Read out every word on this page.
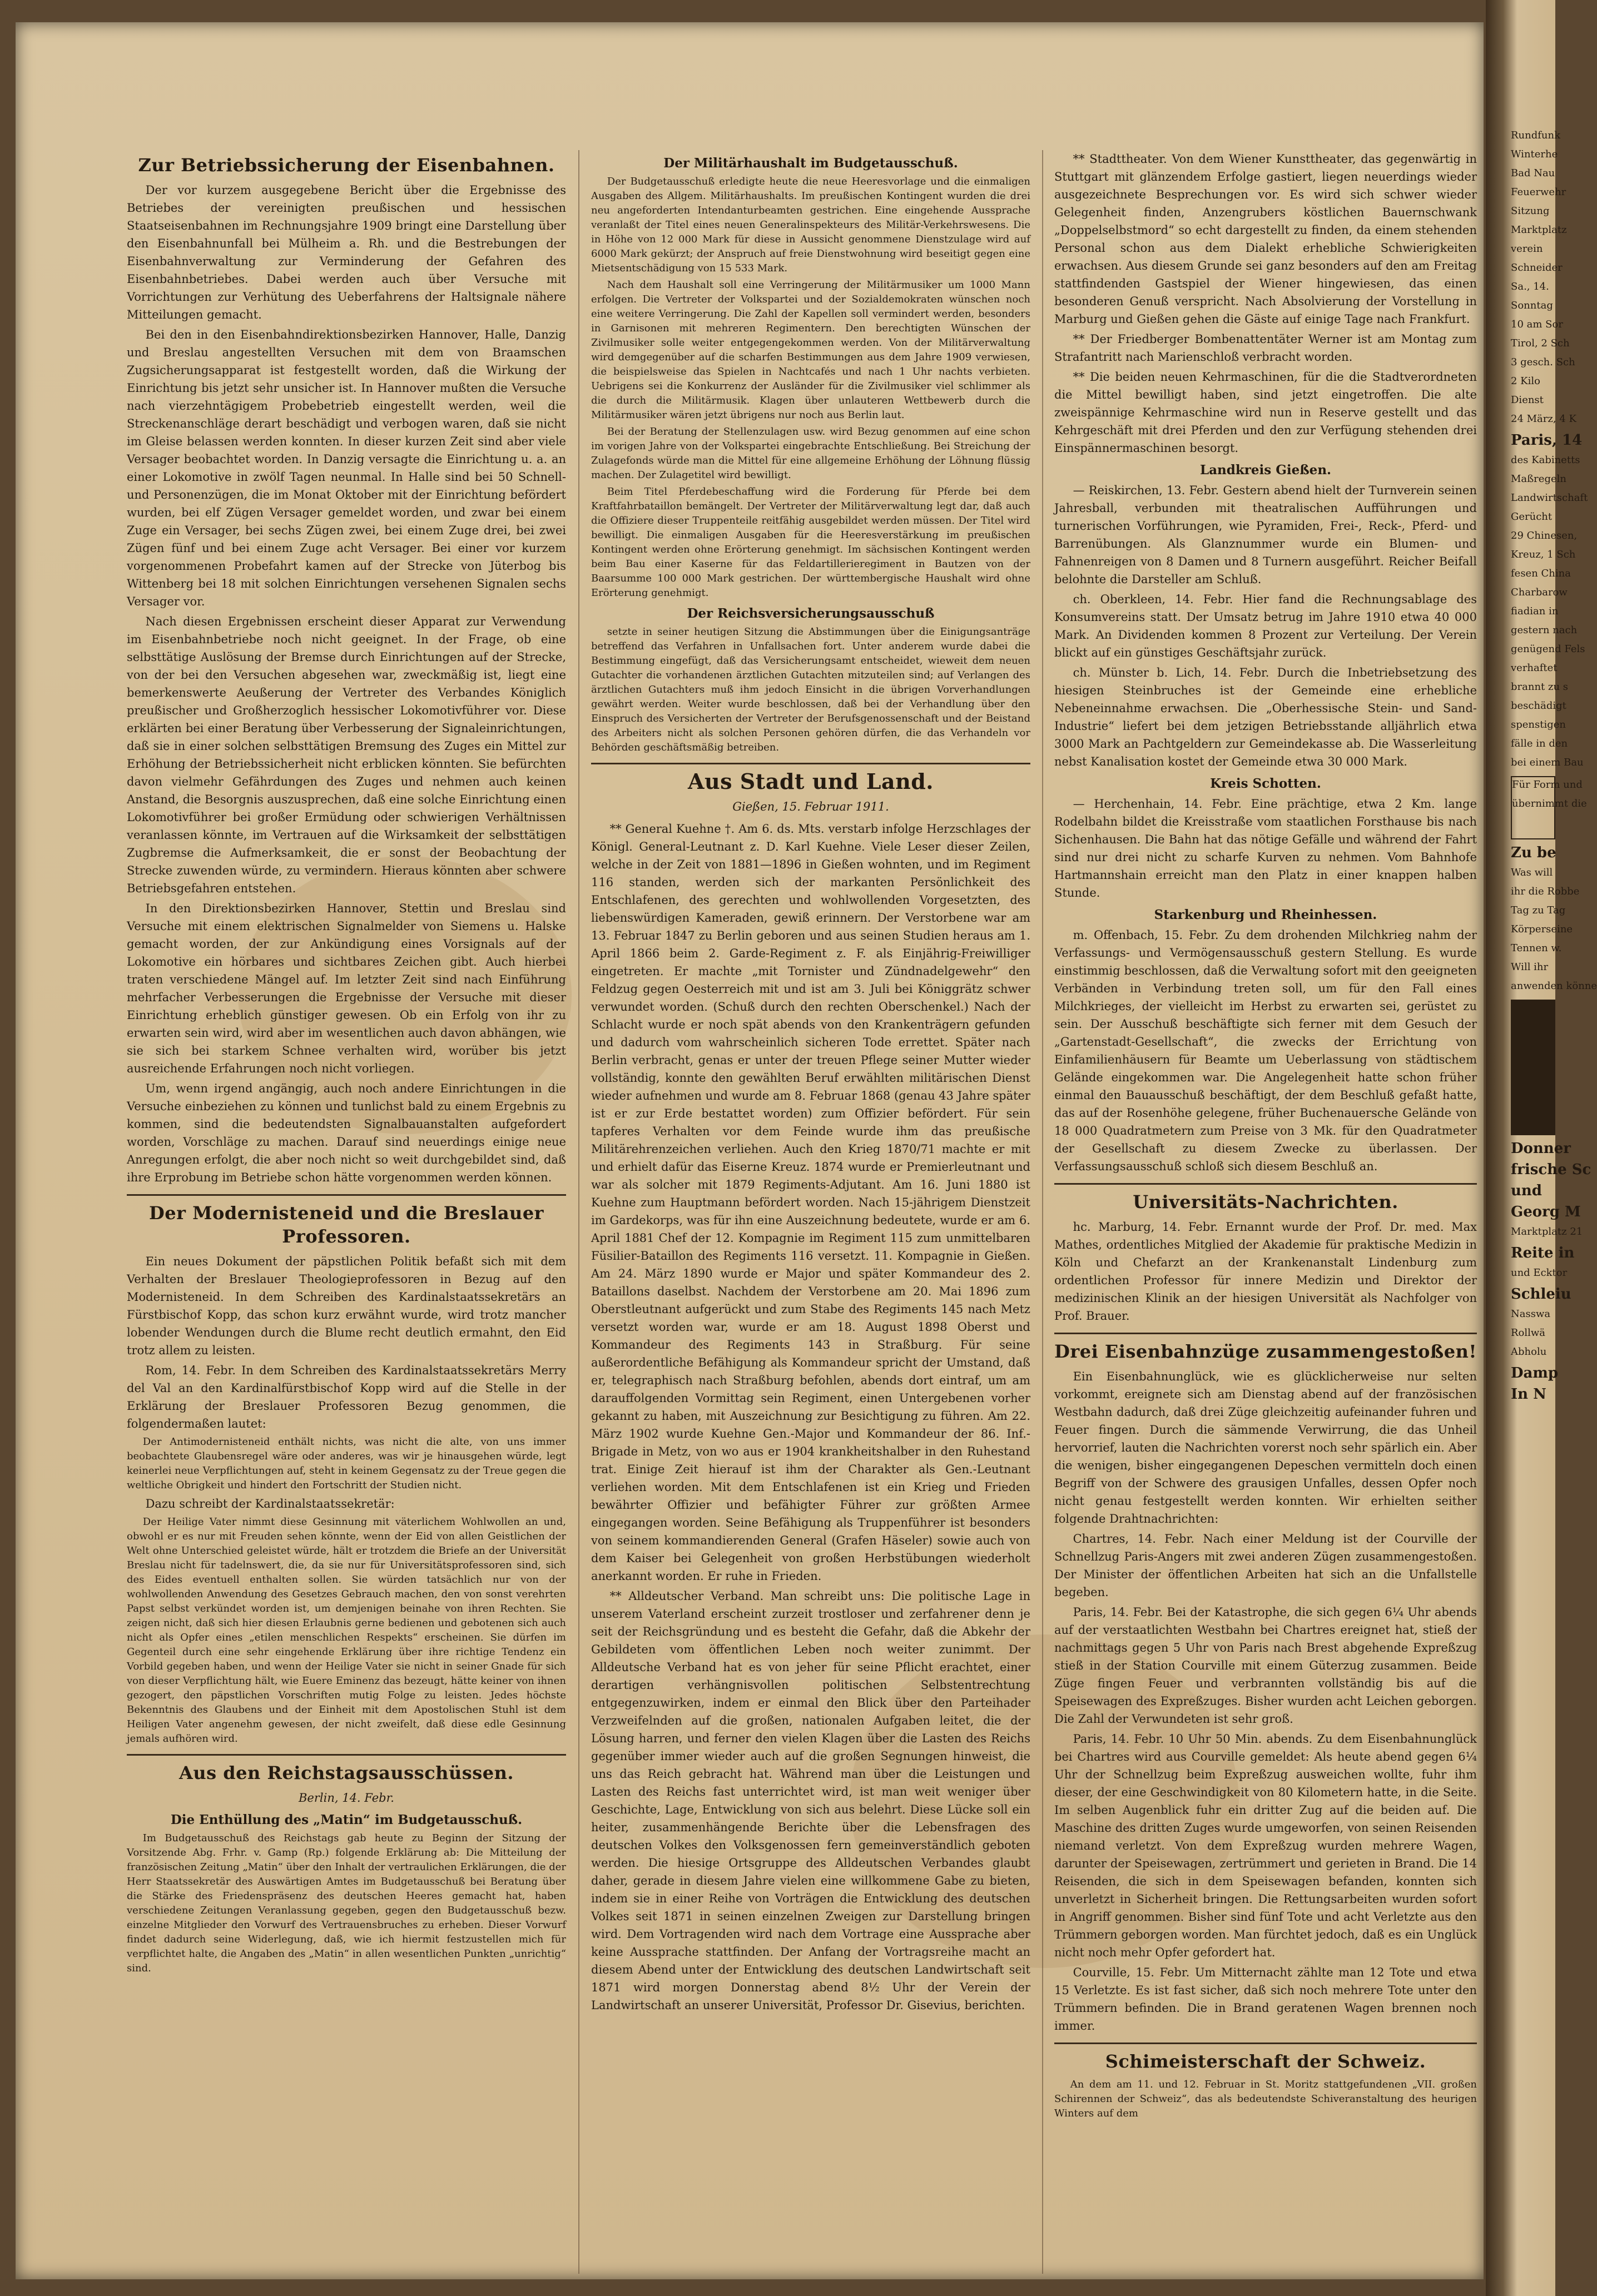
Zur Betriebssicherung der Eisenbahnen.

Der vor kurzem ausgegebene Bericht über die Ergebnisse des Betriebes der vereinigten preußischen und hessischen Staatseisenbahnen im Rechnungsjahre 1909 bringt eine Darstellung über den Eisenbahnunfall bei Mülheim a. Rh. und die Bestrebungen der Eisenbahnverwaltung zur Verminderung der Gefahren des Eisenbahnbetriebes. Dabei werden auch über Versuche mit Vorrichtungen zur Verhütung des Ueberfahrens der Haltsignale nähere Mitteilungen gemacht.

Bei den in den Eisenbahndirektionsbezirken Hannover, Halle, Danzig und Breslau angestellten Versuchen mit dem von Braamschen Zugsicherungsapparat ist festgestellt worden, daß die Wirkung der Einrichtung bis jetzt sehr unsicher ist. In Hannover mußten die Versuche nach vierzehntägigem Probebetrieb eingestellt werden, weil die Streckenanschläge derart beschädigt und verbogen waren, daß sie nicht im Gleise belassen werden konnten. In dieser kurzen Zeit sind aber viele Versager beobachtet worden. In Danzig versagte die Einrichtung u. a. an einer Lokomotive in zwölf Tagen neunmal. In Halle sind bei 50 Schnell- und Personenzügen, die im Monat Oktober mit der Einrichtung befördert wurden, bei elf Zügen Versager gemeldet worden, und zwar bei einem Zuge ein Versager, bei sechs Zügen zwei, bei einem Zuge drei, bei zwei Zügen fünf und bei einem Zuge acht Versager. Bei einer vor kurzem vorgenommenen Probefahrt kamen auf der Strecke von Jüterbog bis Wittenberg bei 18 mit solchen Einrichtungen versehenen Signalen sechs Versager vor.

Nach diesen Ergebnissen erscheint dieser Apparat zur Verwendung im Eisenbahnbetriebe noch nicht geeignet. In der Frage, ob eine selbsttätige Auslösung der Bremse durch Einrichtungen auf der Strecke, von der bei den Versuchen abgesehen war, zweckmäßig ist, liegt eine bemerkenswerte Aeußerung der Vertreter des Verbandes Königlich preußischer und Großherzoglich hessischer Lokomotivführer vor. Diese erklärten bei einer Beratung über Verbesserung der Signaleinrichtungen, daß sie in einer solchen selbsttätigen Bremsung des Zuges ein Mittel zur Erhöhung der Betriebssicherheit nicht erblicken könnten. Sie befürchten davon vielmehr Gefährdungen des Zuges und nehmen auch keinen Anstand, die Besorgnis auszusprechen, daß eine solche Einrichtung einen Lokomotivführer bei großer Ermüdung oder schwierigen Verhältnissen veranlassen könnte, im Vertrauen auf die Wirksamkeit der selbsttätigen Zugbremse die Aufmerksamkeit, die er sonst der Beobachtung der Strecke zuwenden würde, zu vermindern. Hieraus könnten aber schwere Betriebsgefahren entstehen.

In den Direktionsbezirken Hannover, Stettin und Breslau sind Versuche mit einem elektrischen Signalmelder von Siemens u. Halske gemacht worden, der zur Ankündigung eines Vorsignals auf der Lokomotive ein hörbares und sichtbares Zeichen gibt. Auch hierbei traten verschiedene Mängel auf. Im letzter Zeit sind nach Einführung mehrfacher Verbesserungen die Ergebnisse der Versuche mit dieser Einrichtung erheblich günstiger gewesen. Ob ein Erfolg von ihr zu erwarten sein wird, wird aber im wesentlichen auch davon abhängen, wie sie sich bei starkem Schnee verhalten wird, worüber bis jetzt ausreichende Erfahrungen noch nicht vorliegen.

Um, wenn irgend angängig, auch noch andere Einrichtungen in die Versuche einbeziehen zu können und tunlichst bald zu einem Ergebnis zu kommen, sind die bedeutendsten Signalbauanstalten aufgefordert worden, Vorschläge zu machen. Darauf sind neuerdings einige neue Anregungen erfolgt, die aber noch nicht so weit durchgebildet sind, daß ihre Erprobung im Betriebe schon hätte vorgenommen werden können.

Der Modernisteneid und die Breslauer Professoren.

Ein neues Dokument der päpstlichen Politik befaßt sich mit dem Verhalten der Breslauer Theologieprofessoren in Bezug auf den Modernisteneid. In dem Schreiben des Kardinalstaatssekretärs an Fürstbischof Kopp, das schon kurz erwähnt wurde, wird trotz mancher lobender Wendungen durch die Blume recht deutlich ermahnt, den Eid trotz allem zu leisten.

Rom, 14. Febr. In dem Schreiben des Kardinalstaatssekretärs Merry del Val an den Kardinalfürstbischof Kopp wird auf die Stelle in der Erklärung der Breslauer Professoren Bezug genommen, die folgendermaßen lautet:

Der Antimodernisteneid enthält nichts, was nicht die alte, von uns immer beobachtete Glaubensregel wäre oder anderes, was wir je hinausgehen würde, legt keinerlei neue Verpflichtungen auf, steht in keinem Gegensatz zu der Treue gegen die weltliche Obrigkeit und hindert den Fortschritt der Studien nicht.

Dazu schreibt der Kardinalstaatssekretär:

Der Heilige Vater nimmt diese Gesinnung mit väterlichem Wohlwollen an und, obwohl er es nur mit Freuden sehen könnte, wenn der Eid von allen Geistlichen der Welt ohne Unterschied geleistet würde, hält er trotzdem die Briefe an der Universität Breslau nicht für tadelnswert, die, da sie nur für Universitätsprofessoren sind, sich des Eides eventuell enthalten sollen. Sie würden tatsächlich nur von der wohlwollenden Anwendung des Gesetzes Gebrauch machen, den von sonst verehrten Papst selbst verkündet worden ist, um demjenigen beinahe von ihren Rechten. Sie zeigen nicht, daß sich hier diesen Erlaubnis gerne bedienen und gebotenen sich auch nicht als Opfer eines „etilen menschlichen Respekts“ erscheinen. Sie dürfen im Gegenteil durch eine sehr eingehende Erklärung über ihre richtige Tendenz ein Vorbild gegeben haben, und wenn der Heilige Vater sie nicht in seiner Gnade für sich von dieser Verpflichtung hält, wie Euere Eminenz das bezeugt, hätte keiner von ihnen gezogert, den päpstlichen Vorschriften mutig Folge zu leisten. Jedes höchste Bekenntnis des Glaubens und der Einheit mit dem Apostolischen Stuhl ist dem Heiligen Vater angenehm gewesen, der nicht zweifelt, daß diese edle Gesinnung jemals aufhören wird.

Aus den Reichstagsausschüssen.
Berlin, 14. Febr.
Die Enthüllung des „Matin“ im Budgetausschuß.

Im Budgetausschuß des Reichstags gab heute zu Beginn der Sitzung der Vorsitzende Abg. Frhr. v. Gamp (Rp.) folgende Erklärung ab: Die Mitteilung der französischen Zeitung „Matin“ über den Inhalt der vertraulichen Erklärungen, die der Herr Staatssekretär des Auswärtigen Amtes im Budgetausschuß bei Beratung über die Stärke des Friedenspräsenz des deutschen Heeres gemacht hat, haben verschiedene Zeitungen Veranlassung gegeben, gegen den Budgetausschuß bezw. einzelne Mitglieder den Vorwurf des Vertrauensbruches zu erheben. Dieser Vorwurf findet dadurch seine Widerlegung, daß, wie ich hiermit festzustellen mich für verpflichtet halte, die Angaben des „Matin“ in allen wesentlichen Punkten „unrichtig“ sind.

Der Militärhaushalt im Budgetausschuß.

Der Budgetausschuß erledigte heute die neue Heeresvorlage und die einmaligen Ausgaben des Allgem. Militärhaushalts. Im preußischen Kontingent wurden die drei neu angeforderten Intendanturbeamten gestrichen. Eine eingehende Aussprache veranlaßt der Titel eines neuen Generalinspekteurs des Militär-Verkehrswesens. Die in Höhe von 12 000 Mark für diese in Aussicht genommene Dienstzulage wird auf 6000 Mark gekürzt; der Anspruch auf freie Dienstwohnung wird beseitigt gegen eine Mietsentschädigung von 15 533 Mark.

Nach dem Haushalt soll eine Verringerung der Militärmusiker um 1000 Mann erfolgen. Die Vertreter der Volkspartei und der Sozialdemokraten wünschen noch eine weitere Verringerung. Die Zahl der Kapellen soll vermindert werden, besonders in Garnisonen mit mehreren Regimentern. Den berechtigten Wünschen der Zivilmusiker solle weiter entgegengekommen werden. Von der Militärverwaltung wird demgegenüber auf die scharfen Bestimmungen aus dem Jahre 1909 verwiesen, die beispielsweise das Spielen in Nachtcafés und nach 1 Uhr nachts verbieten. Uebrigens sei die Konkurrenz der Ausländer für die Zivilmusiker viel schlimmer als die durch die Militärmusik. Klagen über unlauteren Wettbewerb durch die Militärmusiker wären jetzt übrigens nur noch aus Berlin laut.

Bei der Beratung der Stellenzulagen usw. wird Bezug genommen auf eine schon im vorigen Jahre von der Volkspartei eingebrachte Entschließung. Bei Streichung der Zulagefonds würde man die Mittel für eine allgemeine Erhöhung der Löhnung flüssig machen. Der Zulagetitel wird bewilligt.

Beim Titel Pferdebeschaffung wird die Forderung für Pferde bei dem Kraftfahrbataillon bemängelt. Der Vertreter der Militärverwaltung legt dar, daß auch die Offiziere dieser Truppenteile reitfähig ausgebildet werden müssen. Der Titel wird bewilligt. Die einmaligen Ausgaben für die Heeresverstärkung im preußischen Kontingent werden ohne Erörterung genehmigt. Im sächsischen Kontingent werden beim Bau einer Kaserne für das Feldartillerieregiment in Bautzen von der Baarsumme 100 000 Mark gestrichen. Der württembergische Haushalt wird ohne Erörterung genehmigt.

Der Reichsversicherungsausschuß

setzte in seiner heutigen Sitzung die Abstimmungen über die Einigungsanträge betreffend das Verfahren in Unfallsachen fort. Unter anderem wurde dabei die Bestimmung eingefügt, daß das Versicherungsamt entscheidet, wieweit dem neuen Gutachter die vorhandenen ärztlichen Gutachten mitzuteilen sind; auf Verlangen des ärztlichen Gutachters muß ihm jedoch Einsicht in die übrigen Vorverhandlungen gewährt werden. Weiter wurde beschlossen, daß bei der Verhandlung über den Einspruch des Versicherten der Vertreter der Berufsgenossenschaft und der Beistand des Arbeiters nicht als solchen Personen gehören dürfen, die das Verhandeln vor Behörden geschäftsmäßig betreiben.

Aus Stadt und Land.
Gießen, 15. Februar 1911.

** General Kuehne †. Am 6. ds. Mts. verstarb infolge Herzschlages der Königl. General-Leutnant z. D. Karl Kuehne. Viele Leser dieser Zeilen, welche in der Zeit von 1881—1896 in Gießen wohnten, und im Regiment 116 standen, werden sich der markanten Persönlichkeit des Entschlafenen, des gerechten und wohlwollenden Vorgesetzten, des liebenswürdigen Kameraden, gewiß erinnern. Der Verstorbene war am 13. Februar 1847 zu Berlin geboren und aus seinen Studien heraus am 1. April 1866 beim 2. Garde-Regiment z. F. als Einjährig-Freiwilliger eingetreten. Er machte „mit Tornister und Zündnadelgewehr“ den Feldzug gegen Oesterreich mit und ist am 3. Juli bei Königgrätz schwer verwundet worden. (Schuß durch den rechten Oberschenkel.) Nach der Schlacht wurde er noch spät abends von den Krankenträgern gefunden und dadurch vom wahrscheinlich sicheren Tode errettet. Später nach Berlin verbracht, genas er unter der treuen Pflege seiner Mutter wieder vollständig, konnte den gewählten Beruf erwählten militärischen Dienst wieder aufnehmen und wurde am 8. Februar 1868 (genau 43 Jahre später ist er zur Erde bestattet worden) zum Offizier befördert. Für sein tapferes Verhalten vor dem Feinde wurde ihm das preußische Militärehrenzeichen verliehen. Auch den Krieg 1870/71 machte er mit und erhielt dafür das Eiserne Kreuz. 1874 wurde er Premierleutnant und war als solcher mit 1879 Regiments-Adjutant. Am 16. Juni 1880 ist Kuehne zum Hauptmann befördert worden. Nach 15-jährigem Dienstzeit im Gardekorps, was für ihn eine Auszeichnung bedeutete, wurde er am 6. April 1881 Chef der 12. Kompagnie im Regiment 115 zum unmittelbaren Füsilier-Bataillon des Regiments 116 versetzt. 11. Kompagnie in Gießen. Am 24. März 1890 wurde er Major und später Kommandeur des 2. Bataillons daselbst. Nachdem der Verstorbene am 20. Mai 1896 zum Oberstleutnant aufgerückt und zum Stabe des Regiments 145 nach Metz versetzt worden war, wurde er am 18. August 1898 Oberst und Kommandeur des Regiments 143 in Straßburg. Für seine außerordentliche Befähigung als Kommandeur spricht der Umstand, daß er, telegraphisch nach Straßburg befohlen, abends dort eintraf, um am darauffolgenden Vormittag sein Regiment, einen Untergebenen vorher gekannt zu haben, mit Auszeichnung zur Besichtigung zu führen. Am 22. März 1902 wurde Kuehne Gen.-Major und Kommandeur der 86. Inf.-Brigade in Metz, von wo aus er 1904 krankheitshalber in den Ruhestand trat. Einige Zeit hierauf ist ihm der Charakter als Gen.-Leutnant verliehen worden. Mit dem Entschlafenen ist ein Krieg und Frieden bewährter Offizier und befähigter Führer zur größten Armee eingegangen worden. Seine Befähigung als Truppenführer ist besonders von seinem kommandierenden General (Grafen Häseler) sowie auch von dem Kaiser bei Gelegenheit von großen Herbstübungen wiederholt anerkannt worden. Er ruhe in Frieden.

** Alldeutscher Verband. Man schreibt uns: Die politische Lage in unserem Vaterland erscheint zurzeit trostloser und zerfahrener denn je seit der Reichsgründung und es besteht die Gefahr, daß die Abkehr der Gebildeten vom öffentlichen Leben noch weiter zunimmt. Der Alldeutsche Verband hat es von jeher für seine Pflicht erachtet, einer derartigen verhängnisvollen politischen Selbstentrechtung entgegenzuwirken, indem er einmal den Blick über den Parteihader Verzweifelnden auf die großen, nationalen Aufgaben leitet, die der Lösung harren, und ferner den vielen Klagen über die Lasten des Reichs gegenüber immer wieder auch auf die großen Segnungen hinweist, die uns das Reich gebracht hat. Während man über die Leistungen und Lasten des Reichs fast unterrichtet wird, ist man weit weniger über Geschichte, Lage, Entwicklung von sich aus belehrt. Diese Lücke soll ein heiter, zusammenhängende Berichte über die Lebensfragen des deutschen Volkes den Volksgenossen fern gemeinverständlich geboten werden. Die hiesige Ortsgruppe des Alldeutschen Verbandes glaubt daher, gerade in diesem Jahre vielen eine willkommene Gabe zu bieten, indem sie in einer Reihe von Vorträgen die Entwicklung des deutschen Volkes seit 1871 in seinen einzelnen Zweigen zur Darstellung bringen wird. Dem Vortragenden wird nach dem Vortrage eine Aussprache aber keine Aussprache stattfinden. Der Anfang der Vortragsreihe macht an diesem Abend unter der Entwicklung des deutschen Landwirtschaft seit 1871 wird morgen Donnerstag abend 8½ Uhr der Verein der Landwirtschaft an unserer Universität, Professor Dr. Gisevius, berichten.

** Stadttheater. Von dem Wiener Kunsttheater, das gegenwärtig in Stuttgart mit glänzendem Erfolge gastiert, liegen neuerdings wieder ausgezeichnete Besprechungen vor. Es wird sich schwer wieder Gelegenheit finden, Anzengrubers köstlichen Bauernschwank „Doppelselbstmord“ so echt dargestellt zu finden, da einem stehenden Personal schon aus dem Dialekt erhebliche Schwierigkeiten erwachsen. Aus diesem Grunde sei ganz besonders auf den am Freitag stattfindenden Gastspiel der Wiener hingewiesen, das einen besonderen Genuß verspricht. Nach Absolvierung der Vorstellung in Marburg und Gießen gehen die Gäste auf einige Tage nach Frankfurt.

** Der Friedberger Bombenattentäter Werner ist am Montag zum Strafantritt nach Marienschloß verbracht worden.

** Die beiden neuen Kehrmaschinen, für die die Stadtverordneten die Mittel bewilligt haben, sind jetzt eingetroffen. Die alte zweispännige Kehrmaschine wird nun in Reserve gestellt und das Kehrgeschäft mit drei Pferden und den zur Verfügung stehenden drei Einspännermaschinen besorgt.

Landkreis Gießen.

— Reiskirchen, 13. Febr. Gestern abend hielt der Turnverein seinen Jahresball, verbunden mit theatralischen Aufführungen und turnerischen Vorführungen, wie Pyramiden, Frei-, Reck-, Pferd- und Barrenübungen. Als Glanznummer wurde ein Blumen- und Fahnenreigen von 8 Damen und 8 Turnern ausgeführt. Reicher Beifall belohnte die Darsteller am Schluß.

ch. Oberkleen, 14. Febr. Hier fand die Rechnungsablage des Konsumvereins statt. Der Umsatz betrug im Jahre 1910 etwa 40 000 Mark. An Dividenden kommen 8 Prozent zur Verteilung. Der Verein blickt auf ein günstiges Geschäftsjahr zurück.

ch. Münster b. Lich, 14. Febr. Durch die Inbetriebsetzung des hiesigen Steinbruches ist der Gemeinde eine erhebliche Nebeneinnahme erwachsen. Die „Oberhessische Stein- und Sand-Industrie“ liefert bei dem jetzigen Betriebsstande alljährlich etwa 3000 Mark an Pachtgeldern zur Gemeindekasse ab. Die Wasserleitung nebst Kanalisation kostet der Gemeinde etwa 30 000 Mark.

Kreis Schotten.

— Herchenhain, 14. Febr. Eine prächtige, etwa 2 Km. lange Rodelbahn bildet die Kreisstraße vom staatlichen Forsthause bis nach Sichenhausen. Die Bahn hat das nötige Gefälle und während der Fahrt sind nur drei nicht zu scharfe Kurven zu nehmen. Vom Bahnhofe Hartmannshain erreicht man den Platz in einer knappen halben Stunde.

Starkenburg und Rheinhessen.

m. Offenbach, 15. Febr. Zu dem drohenden Milchkrieg nahm der Verfassungs- und Vermögensausschuß gestern Stellung. Es wurde einstimmig beschlossen, daß die Verwaltung sofort mit den geeigneten Verbänden in Verbindung treten soll, um für den Fall eines Milchkrieges, der vielleicht im Herbst zu erwarten sei, gerüstet zu sein. Der Ausschuß beschäftigte sich ferner mit dem Gesuch der „Gartenstadt-Gesellschaft“, die zwecks der Errichtung von Einfamilienhäusern für Beamte um Ueberlassung von städtischem Gelände eingekommen war. Die Angelegenheit hatte schon früher einmal den Bauausschuß beschäftigt, der dem Beschluß gefaßt hatte, das auf der Rosenhöhe gelegene, früher Buchenauersche Gelände von 18 000 Quadratmetern zum Preise von 3 Mk. für den Quadratmeter der Gesellschaft zu diesem Zwecke zu überlassen. Der Verfassungsausschuß schloß sich diesem Beschluß an.

Universitäts-Nachrichten.

hc. Marburg, 14. Febr. Ernannt wurde der Prof. Dr. med. Max Mathes, ordentliches Mitglied der Akademie für praktische Medizin in Köln und Chefarzt an der Krankenanstalt Lindenburg zum ordentlichen Professor für innere Medizin und Direktor der medizinischen Klinik an der hiesigen Universität als Nachfolger von Prof. Brauer.

Drei Eisenbahnzüge zusammengestoßen!

Ein Eisenbahnunglück, wie es glücklicherweise nur selten vorkommt, ereignete sich am Dienstag abend auf der französischen Westbahn dadurch, daß drei Züge gleichzeitig aufeinander fuhren und Feuer fingen. Durch die sämmende Verwirrung, die das Unheil hervorrief, lauten die Nachrichten vorerst noch sehr spärlich ein. Aber die wenigen, bisher eingegangenen Depeschen vermitteln doch einen Begriff von der Schwere des grausigen Unfalles, dessen Opfer noch nicht genau festgestellt werden konnten. Wir erhielten seither folgende Drahtnachrichten:

Chartres, 14. Febr. Nach einer Meldung ist der Courville der Schnellzug Paris-Angers mit zwei anderen Zügen zusammengestoßen. Der Minister der öffentlichen Arbeiten hat sich an die Unfallstelle begeben.

Paris, 14. Febr. Bei der Katastrophe, die sich gegen 6¼ Uhr abends auf der verstaatlichten Westbahn bei Chartres ereignet hat, stieß der nachmittags gegen 5 Uhr von Paris nach Brest abgehende Expreßzug stieß in der Station Courville mit einem Güterzug zusammen. Beide Züge fingen Feuer und verbrannten vollständig bis auf die Speisewagen des Expreßzuges. Bisher wurden acht Leichen geborgen. Die Zahl der Verwundeten ist sehr groß.

Paris, 14. Febr. 10 Uhr 50 Min. abends. Zu dem Eisenbahnunglück bei Chartres wird aus Courville gemeldet: Als heute abend gegen 6¼ Uhr der Schnellzug beim Expreßzug ausweichen wollte, fuhr ihm dieser, der eine Geschwindigkeit von 80 Kilometern hatte, in die Seite. Im selben Augenblick fuhr ein dritter Zug auf die beiden auf. Die Maschine des dritten Zuges wurde umgeworfen, von seinen Reisenden niemand verletzt. Von dem Expreßzug wurden mehrere Wagen, darunter der Speisewagen, zertrümmert und gerieten in Brand. Die 14 Reisenden, die sich in dem Speisewagen befanden, konnten sich unverletzt in Sicherheit bringen. Die Rettungsarbeiten wurden sofort in Angriff genommen. Bisher sind fünf Tote und acht Verletzte aus den Trümmern geborgen worden. Man fürchtet jedoch, daß es ein Unglück nicht noch mehr Opfer gefordert hat.

Courville, 15. Febr. Um Mitternacht zählte man 12 Tote und etwa 15 Verletzte. Es ist fast sicher, daß sich noch mehrere Tote unter den Trümmern befinden. Die in Brand geratenen Wagen brennen noch immer.

Schimeisterschaft der Schweiz.

An dem am 11. und 12. Februar in St. Moritz stattgefundenen „VII. großen Schirennen der Schweiz“, das als bedeutendste Schiveranstaltung des heurigen Winters auf dem

Rundfunk

Winterhe

Bad Nau

Feuerwehr

Sitzung

Marktplatz

verein

Schneider

Sa., 14.

Sonntag

10 am Sor

Tirol, 2 Sch

3 gesch. Sch

2 Kilo

Dienst

24 März, 4 K

Paris, 14

des Kabinetts

Maßregeln

Landwirtschaft

Gerücht

29 Chinesen,

Kreuz, 1 Sch

fesen China

Charbarow

fiadian in

gestern nach

genügend Fels

verhaftet

brannt zu s

beschädigt

spenstigen

fälle in den

bei einem Bau

Für Form und

übernimmt die

Zu be

Was will

ihr die Robbe

Tag zu Tag

Körperseine

Tennen w.

Will ihr

anwenden könne

Donner
frische Sc
und
Georg M

Marktplatz 21

Reite in

und Ecktor

Schleiu

Nasswa

Rollwä

Abholu

Damp
In N
